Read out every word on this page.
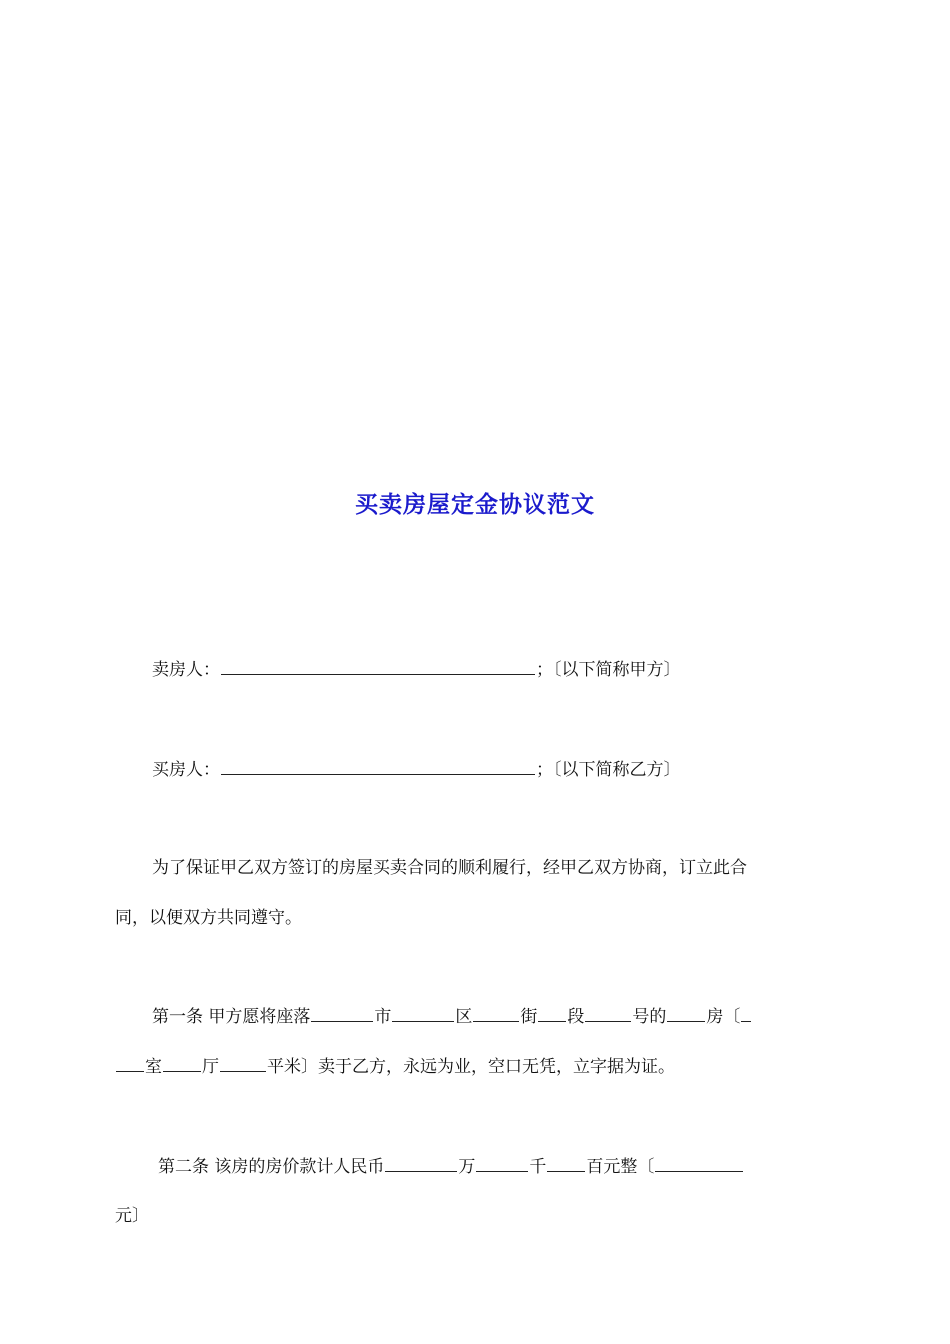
买卖房屋定金协议范文
卖房人：	；〔以下简称甲方〕
买房人：	；〔以下简称乙方〕
为了保证甲乙双方签订的房屋买卖合同的顺利履行，经甲乙双方协商，订立此合
同，以便双方共同遵守。
第一条 甲方愿将座落	市	区	街 段	号的 房〔
室 厅	平米〕卖于乙方，永远为业，空口无凭，立字据为证。
第二条 该房的房价款计人民币	万	千 百元整〔
元〕
